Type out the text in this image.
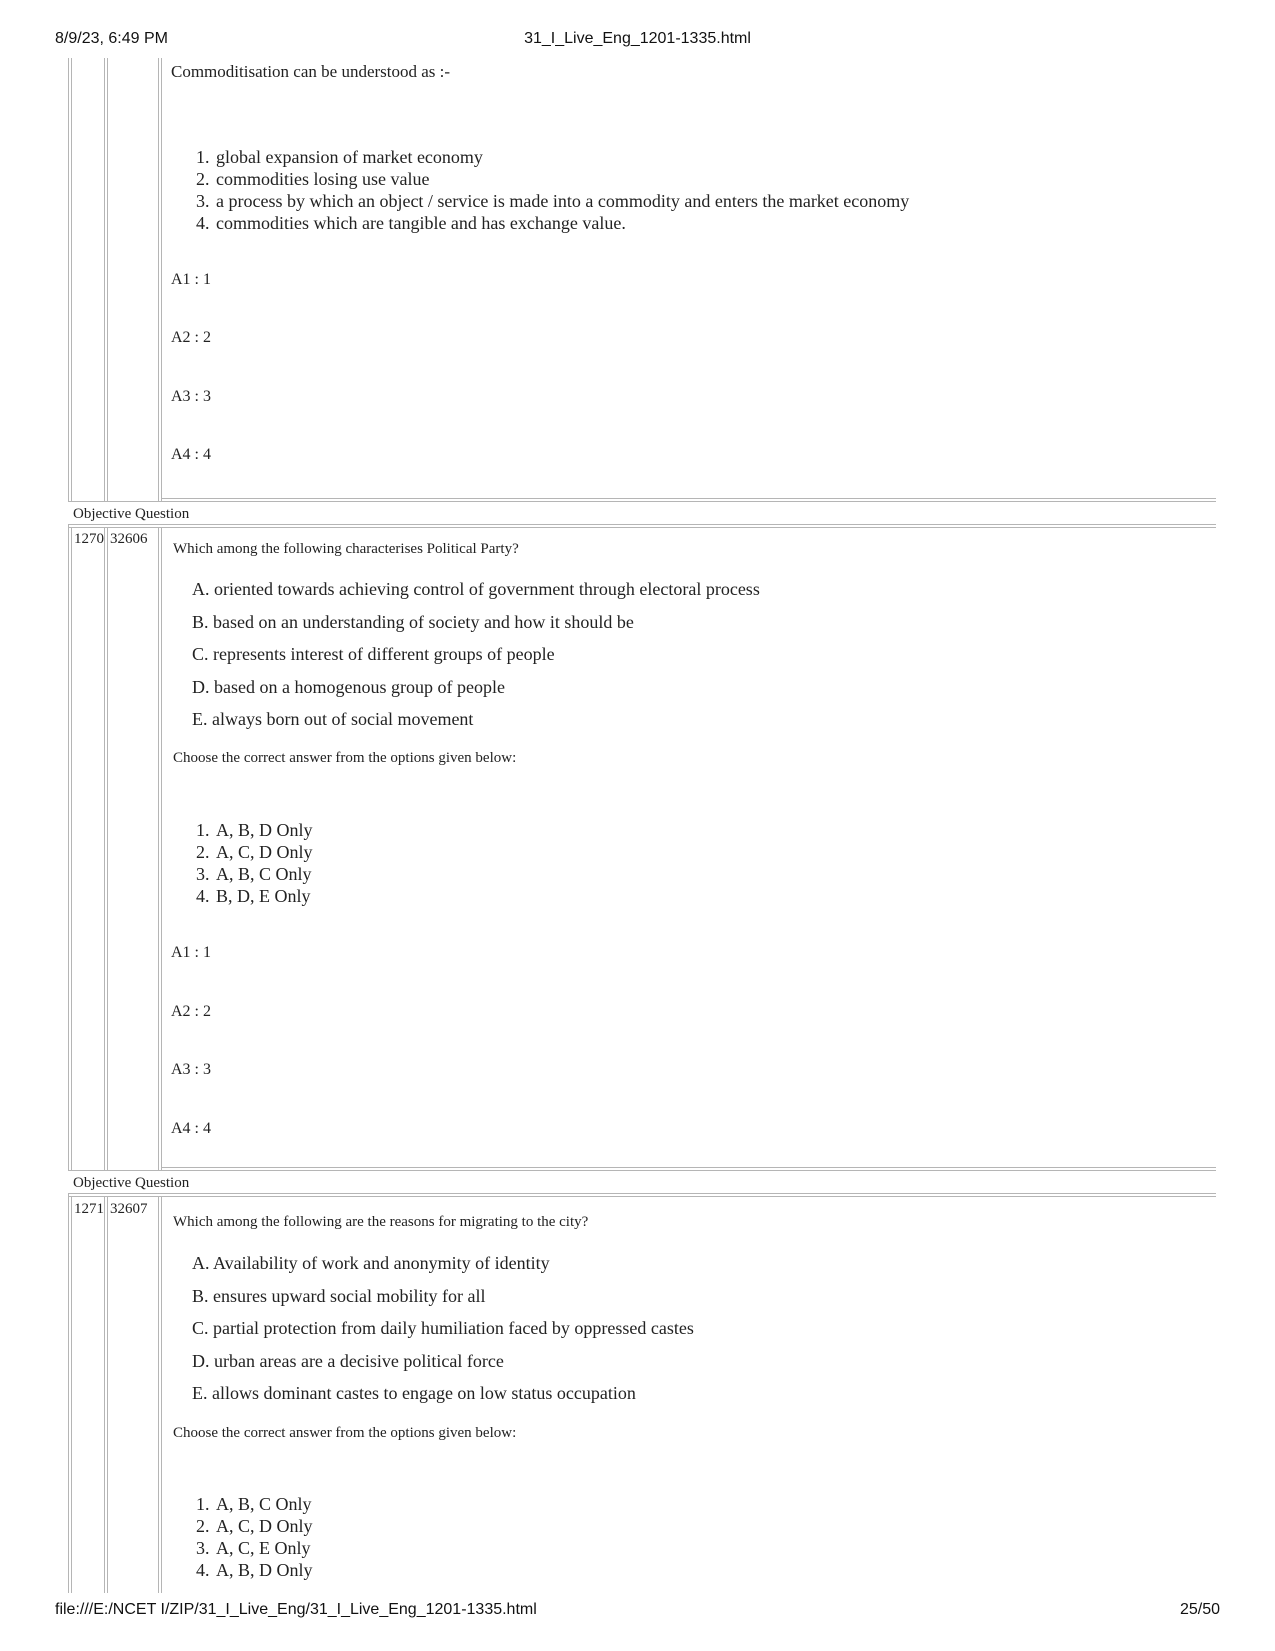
8/9/23, 6:49 PM	31_I_Live_Eng_1201-1335.html
file:///E:/NCET I/ZIP/31_I_Live_Eng/31_I_Live_Eng_1201-1335.html	25/50
Commoditisation can be understood as :-
1. global expansion of market economy
2. commodities losing use value
3. a process by which an object / service is made into a commodity and enters the market economy
4. commodities which are tangible and has exchange value.
A1 : 1
A2 : 2
A3 : 3
A4 : 4
Objective Question
1270 32606
Which among the following characterises Political Party?
A. oriented towards achieving control of government through electoral process
B. based on an understanding of society and how it should be
C. represents interest of different groups of people
D. based on a homogenous group of people
E. always born out of social movement
Choose the correct answer from the options given below:
1. A, B, D Only
2. A, C, D Only
3. A, B, C Only
4. B, D, E Only
A1 : 1
A2 : 2
A3 : 3
A4 : 4
Objective Question
1271 32607
Which among the following are the reasons for migrating to the city?
A. Availability of work and anonymity of identity
B. ensures upward social mobility for all
C. partial protection from daily humiliation faced by oppressed castes
D. urban areas are a decisive political force
E. allows dominant castes to engage on low status occupation
Choose the correct answer from the options given below:
1. A, B, C Only
2. A, C, D Only
3. A, C, E Only
4. A, B, D Only
